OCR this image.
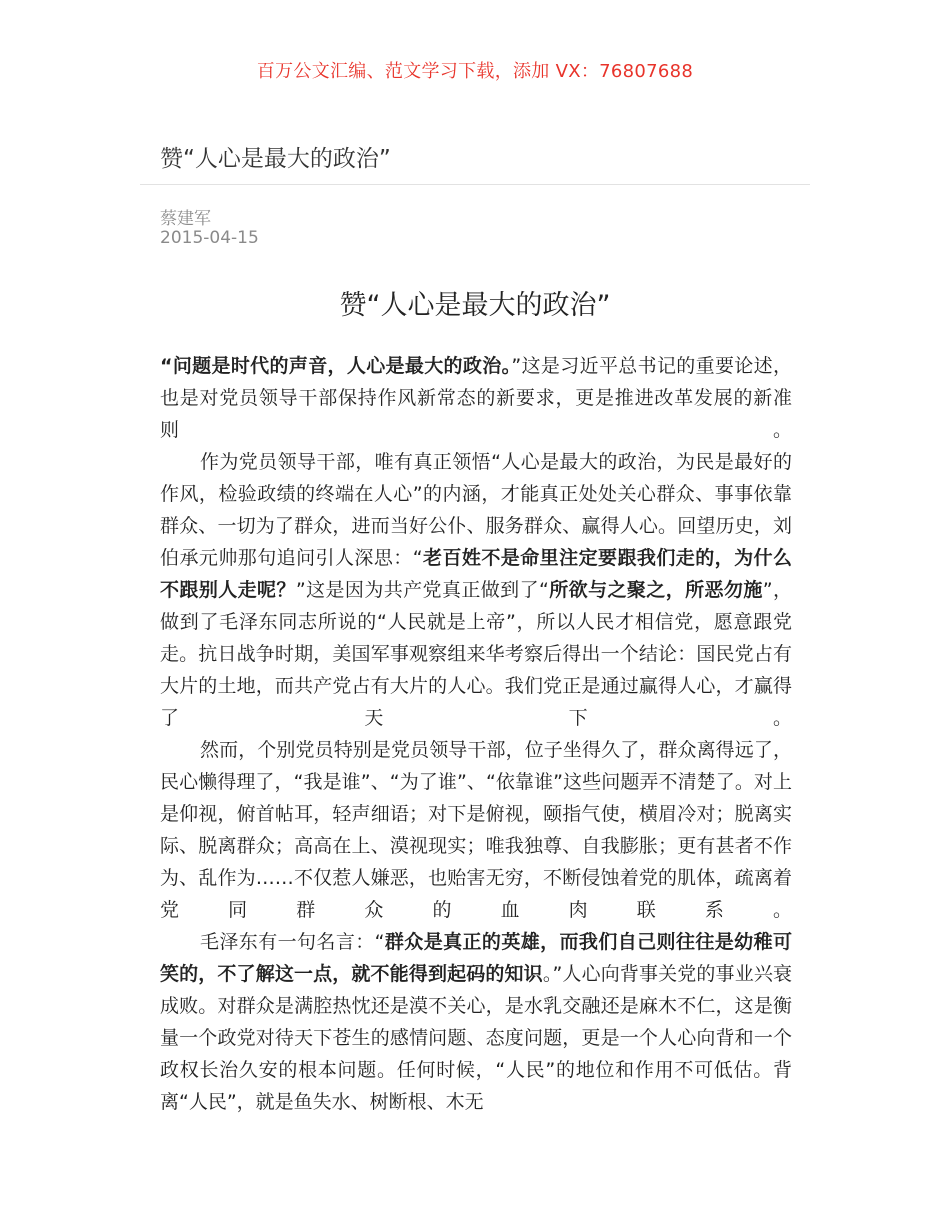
百万公文汇编、范文学习下载，添加 VX：76807688
赞“人心是最大的政治”
蔡建军
2015-04-15
赞“人心是最大的政治”

“问题是时代的声音，人心是最大的政治。”这是习近平总书记的重要论述，也是对党员领导干部保持作风新常态的新要求，更是推进改革发展的新准则。

作为党员领导干部，唯有真正领悟“人心是最大的政治，为民是最好的作风，检验政绩的终端在人心”的内涵，才能真正处处关心群众、事事依靠群众、一切为了群众，进而当好公仆、服务群众、赢得人心。回望历史，刘伯承元帅那句追问引人深思：“老百姓不是命里注定要跟我们走的，为什么不跟别人走呢？”这是因为共产党真正做到了“所欲与之聚之，所恶勿施”，做到了毛泽东同志所说的“人民就是上帝”，所以人民才相信党，愿意跟党走。抗日战争时期，美国军事观察组来华考察后得出一个结论：国民党占有大片的土地，而共产党占有大片的人心。我们党正是通过赢得人心，才赢得了天下。

然而，个别党员特别是党员领导干部，位子坐得久了，群众离得远了，民心懒得理了，“我是谁”、“为了谁”、“依靠谁”这些问题弄不清楚了。对上是仰视，俯首帖耳，轻声细语；对下是俯视，颐指气使，横眉冷对；脱离实际、脱离群众；高高在上、漠视现实；唯我独尊、自我膨胀；更有甚者不作为、乱作为……不仅惹人嫌恶，也贻害无穷，不断侵蚀着党的肌体，疏离着党同群众的血肉联系。

毛泽东有一句名言：“群众是真正的英雄，而我们自己则往往是幼稚可笑的，不了解这一点，就不能得到起码的知识。”人心向背事关党的事业兴衰成败。对群众是满腔热忱还是漠不关心，是水乳交融还是麻木不仁，这是衡量一个政党对待天下苍生的感情问题、态度问题，更是一个人心向背和一个政权长治久安的根本问题。任何时候，“人民”的地位和作用不可低估。背离“人民”，就是鱼失水、树断根、木无
